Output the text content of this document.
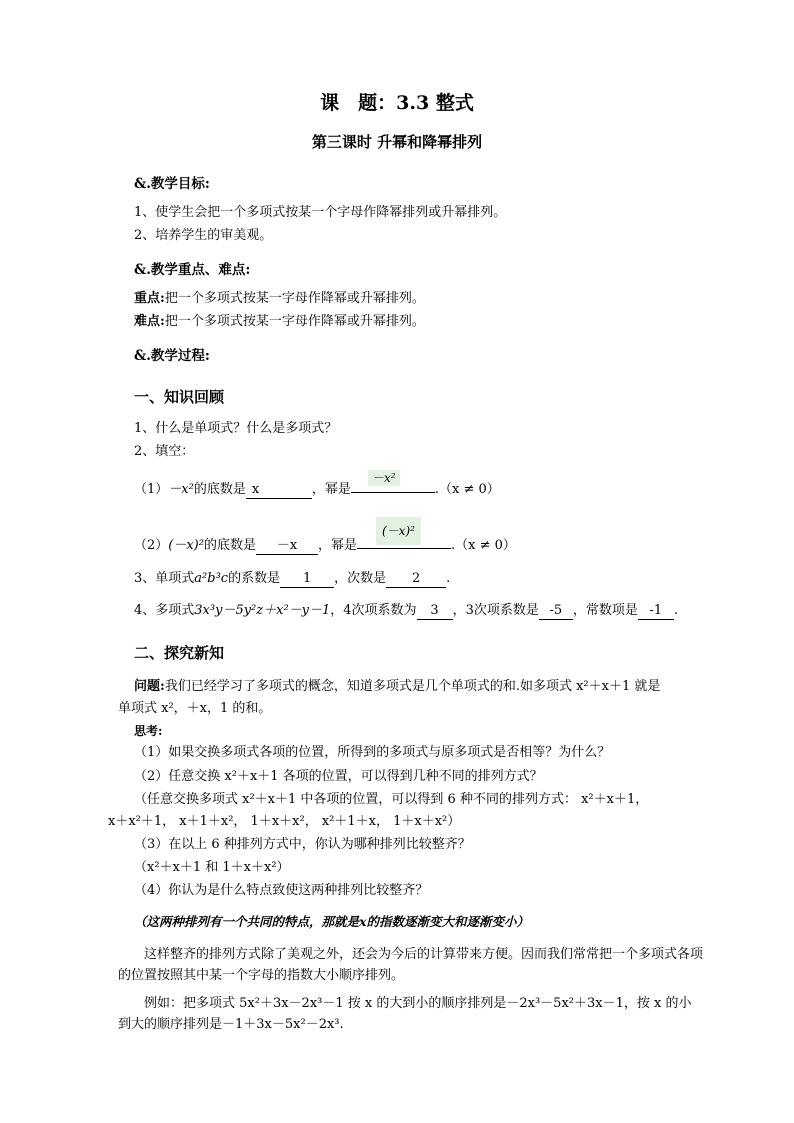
课　题：3.3 整式
第三课时 升幂和降幂排列
&.教学目标:
1、使学生会把一个多项式按某一个字母作降幂排列或升幂排列。
2、培养学生的审美观。
&.教学重点、难点:
重点:把一个多项式按某一字母作降幂或升幂排列。
难点:把一个多项式按某一字母作降幂或升幂排列。
&.教学过程:
一、知识回顾
1、什么是单项式？什么是多项式？
2、填空：
－x²
（1）－x²的底数是 x	，幂是	.（x ≠ 0）
(－x)²
（2）(－x)²的底数是 －x ，幂是	.（x ≠ 0）
3、单项式a²b³c的系数是 1 ，次数是 2 .
4、多项式3x³y－5y²z＋x²－y－1，4次项系数为 3 ，3次项系数是 -5 ，常数项是 -1 .
二、探究新知
问题:我们已经学习了多项式的概念，知道多项式是几个单项式的和.如多项式 x²＋x＋1 就是
单项式 x²，＋x，1 的和。
思考:
（1）如果交换多项式各项的位置，所得到的多项式与原多项式是否相等？为什么？
（2）任意交换 x²＋x＋1 各项的位置，可以得到几种不同的排列方式？
（任意交换多项式 x²＋x＋1 中各项的位置，可以得到 6 种不同的排列方式： x²＋x＋1，
x＋x²＋1， x＋1＋x²， 1＋x＋x²， x²＋1＋x， 1＋x＋x²）
（3）在以上 6 种排列方式中，你认为哪种排列比较整齐？
（x²＋x＋1 和 1＋x＋x²）
（4）你认为是什么特点致使这两种排列比较整齐？
（这两种排列有一个共同的特点，那就是x的指数逐渐变大和逐渐变小）
这样整齐的排列方式除了美观之外，还会为今后的计算带来方便。因而我们常常把一个多项式各项的位置按照其中某一个字母的指数大小顺序排列。
例如：把多项式 5x²＋3x－2x³－1 按 x 的大到小的顺序排列是－2x³－5x²＋3x－1，按 x 的小到大的顺序排列是－1＋3x－5x²－2x³.
